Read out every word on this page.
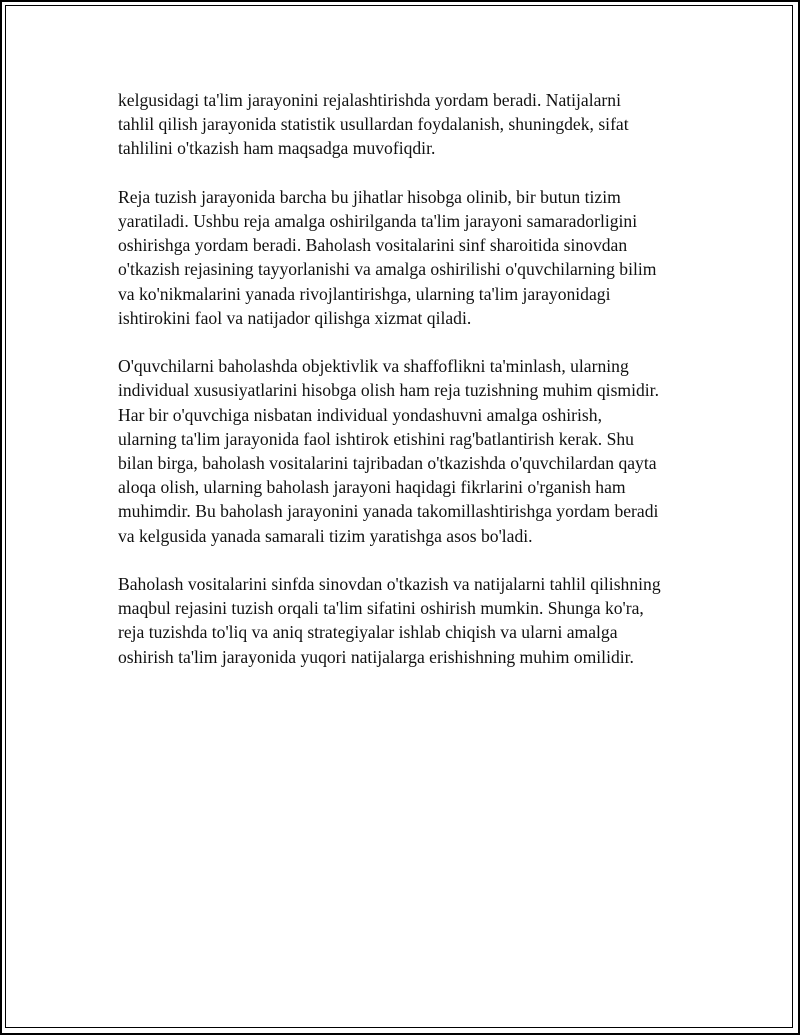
kelgusidagi ta'lim jarayonini rejalashtirishda yordam beradi. Natijalarni
tahlil qilish jarayonida statistik usullardan foydalanish, shuningdek, sifat
tahlilini o'tkazish ham maqsadga muvofiqdir.

Reja tuzish jarayonida barcha bu jihatlar hisobga olinib, bir butun tizim
yaratiladi. Ushbu reja amalga oshirilganda ta'lim jarayoni samaradorligini
oshirishga yordam beradi. Baholash vositalarini sinf sharoitida sinovdan
o'tkazish rejasining tayyorlanishi va amalga oshirilishi o'quvchilarning bilim
va ko'nikmalarini yanada rivojlantirishga, ularning ta'lim jarayonidagi
ishtirokini faol va natijador qilishga xizmat qiladi.

O'quvchilarni baholashda objektivlik va shaffoflikni ta'minlash, ularning
individual xususiyatlarini hisobga olish ham reja tuzishning muhim qismidir.
Har bir o'quvchiga nisbatan individual yondashuvni amalga oshirish,
ularning ta'lim jarayonida faol ishtirok etishini rag'batlantirish kerak. Shu
bilan birga, baholash vositalarini tajribadan o'tkazishda o'quvchilardan qayta
aloqa olish, ularning baholash jarayoni haqidagi fikrlarini o'rganish ham
muhimdir. Bu baholash jarayonini yanada takomillashtirishga yordam beradi
va kelgusida yanada samarali tizim yaratishga asos bo'ladi.

Baholash vositalarini sinfda sinovdan o'tkazish va natijalarni tahlil qilishning
maqbul rejasini tuzish orqali ta'lim sifatini oshirish mumkin. Shunga ko'ra,
reja tuzishda to'liq va aniq strategiyalar ishlab chiqish va ularni amalga
oshirish ta'lim jarayonida yuqori natijalarga erishishning muhim omilidir.
